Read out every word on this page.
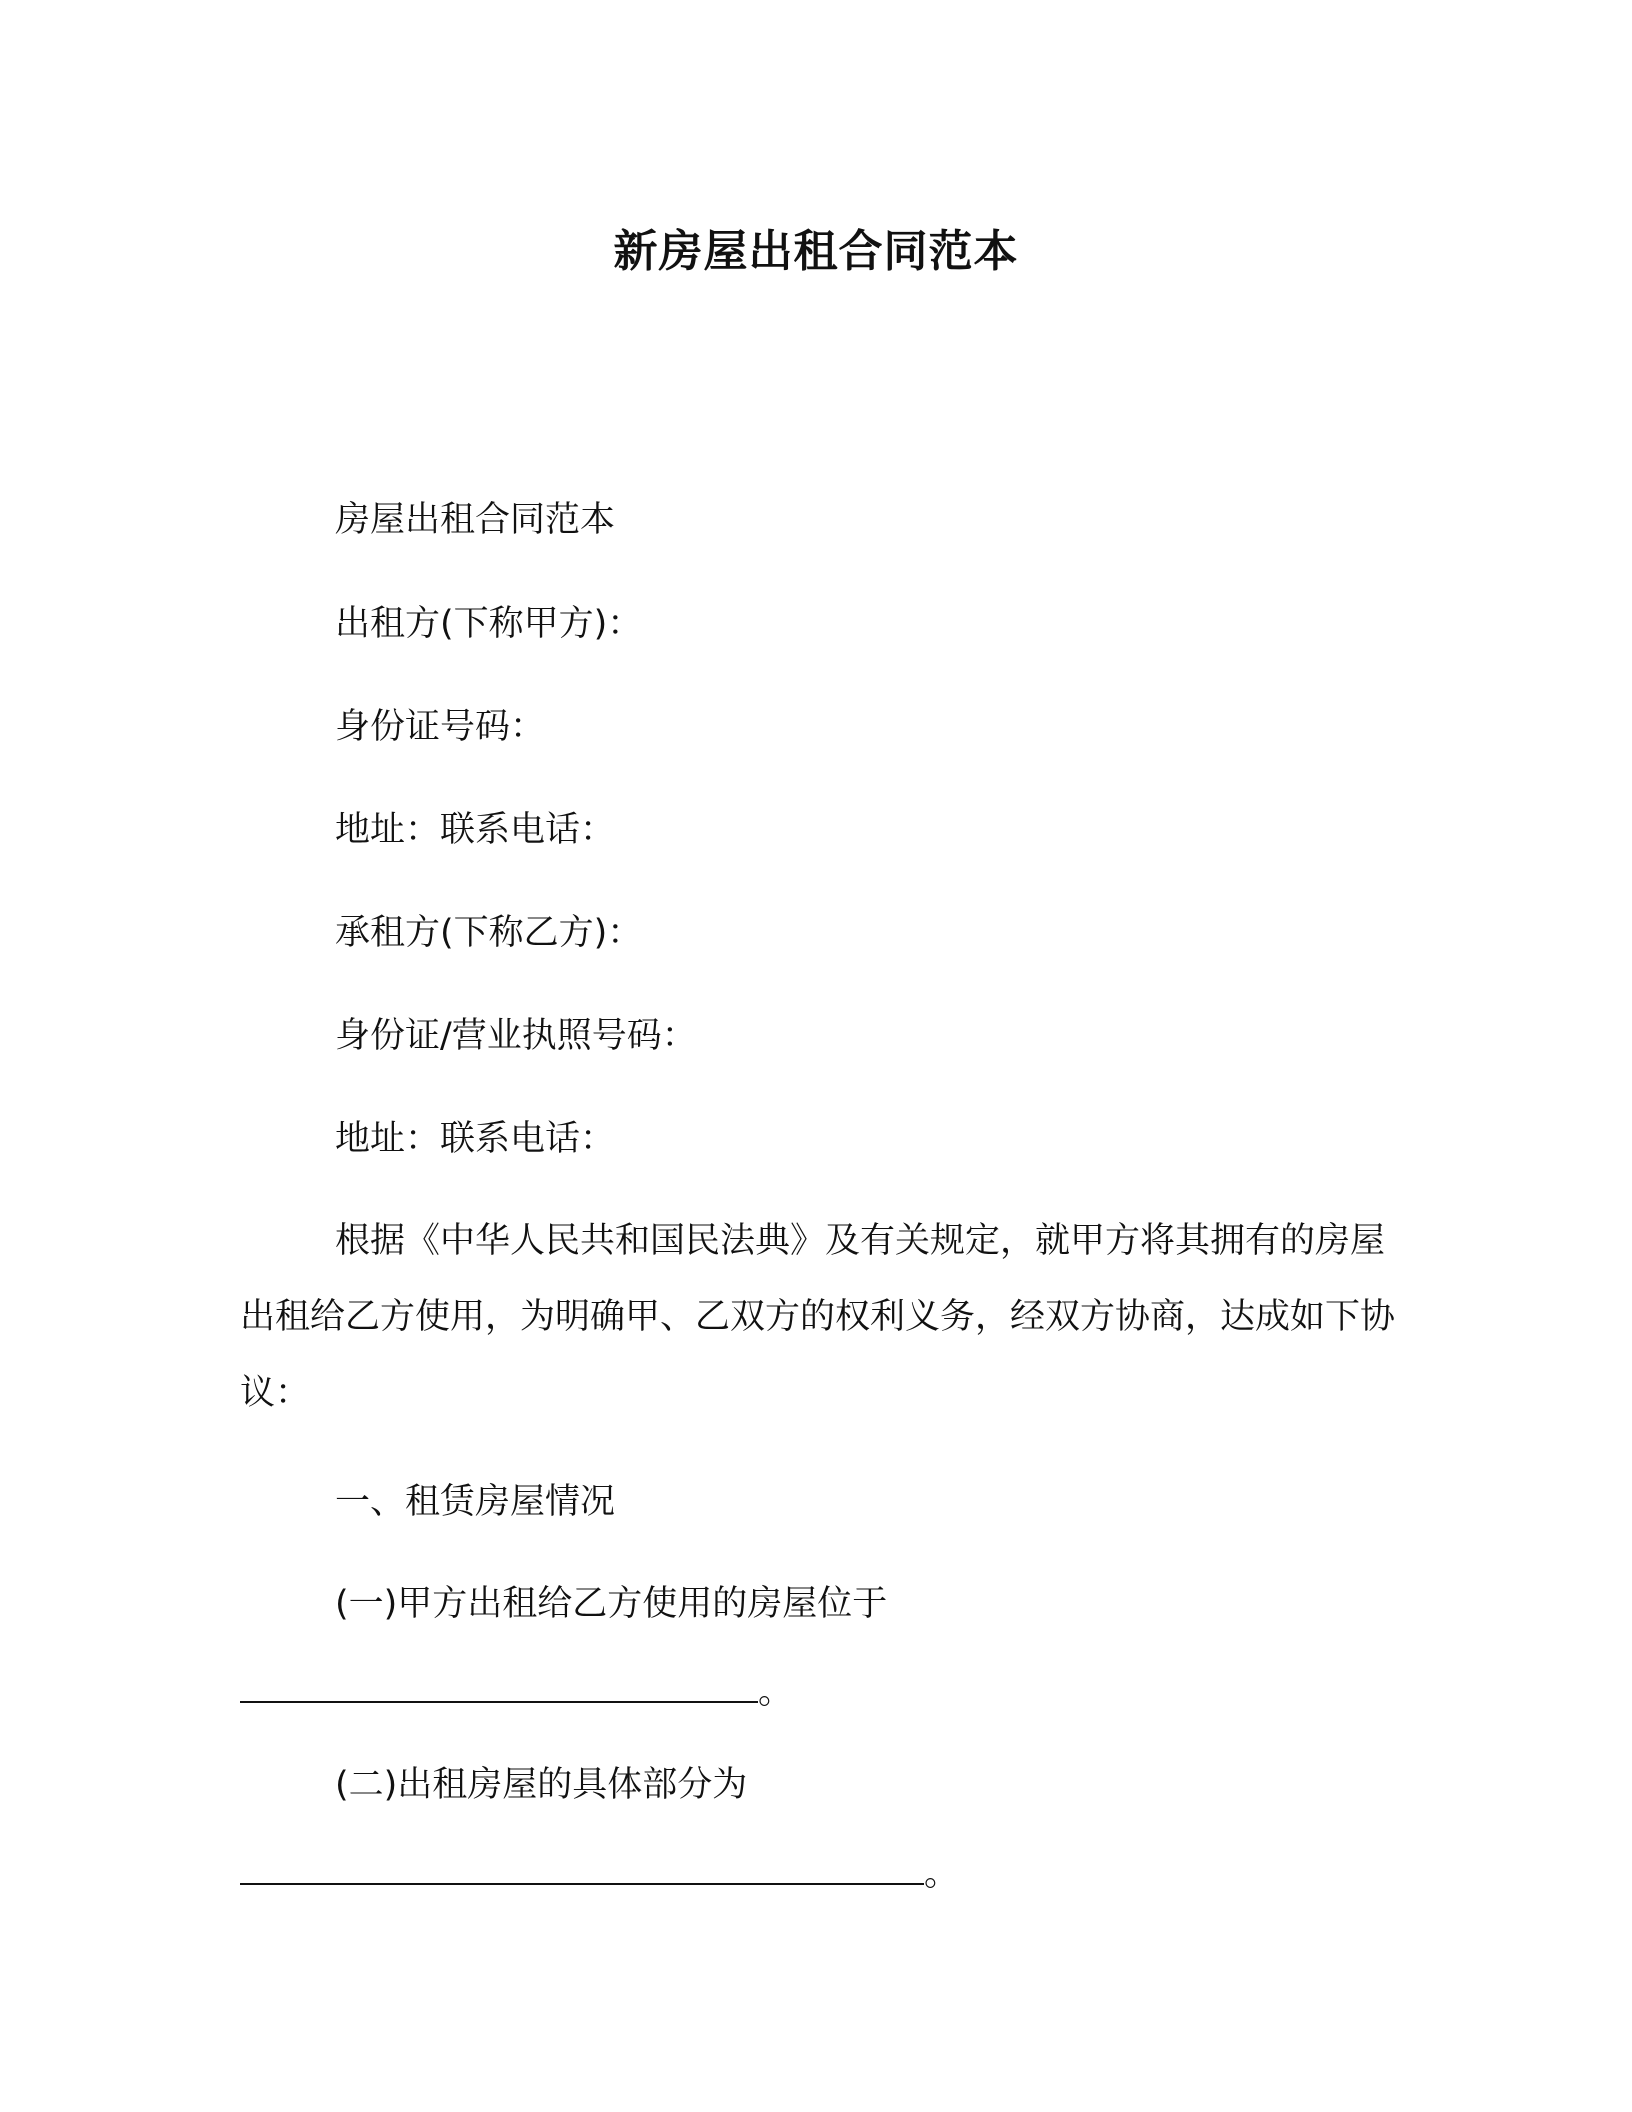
新房屋出租合同范本
房屋出租合同范本
出租方(下称甲方)：
身份证号码：
地址：联系电话：
承租方(下称乙方)：
身份证/营业执照号码：
地址：联系电话：
根据《中华人民共和国民法典》及有关规定，就甲方将其拥有的房屋出租给乙方使用，为明确甲、乙双方的权利义务，经双方协商，达成如下协议：
一、租赁房屋情况
(一)甲方出租给乙方使用的房屋位于
。
(二)出租房屋的具体部分为
。
